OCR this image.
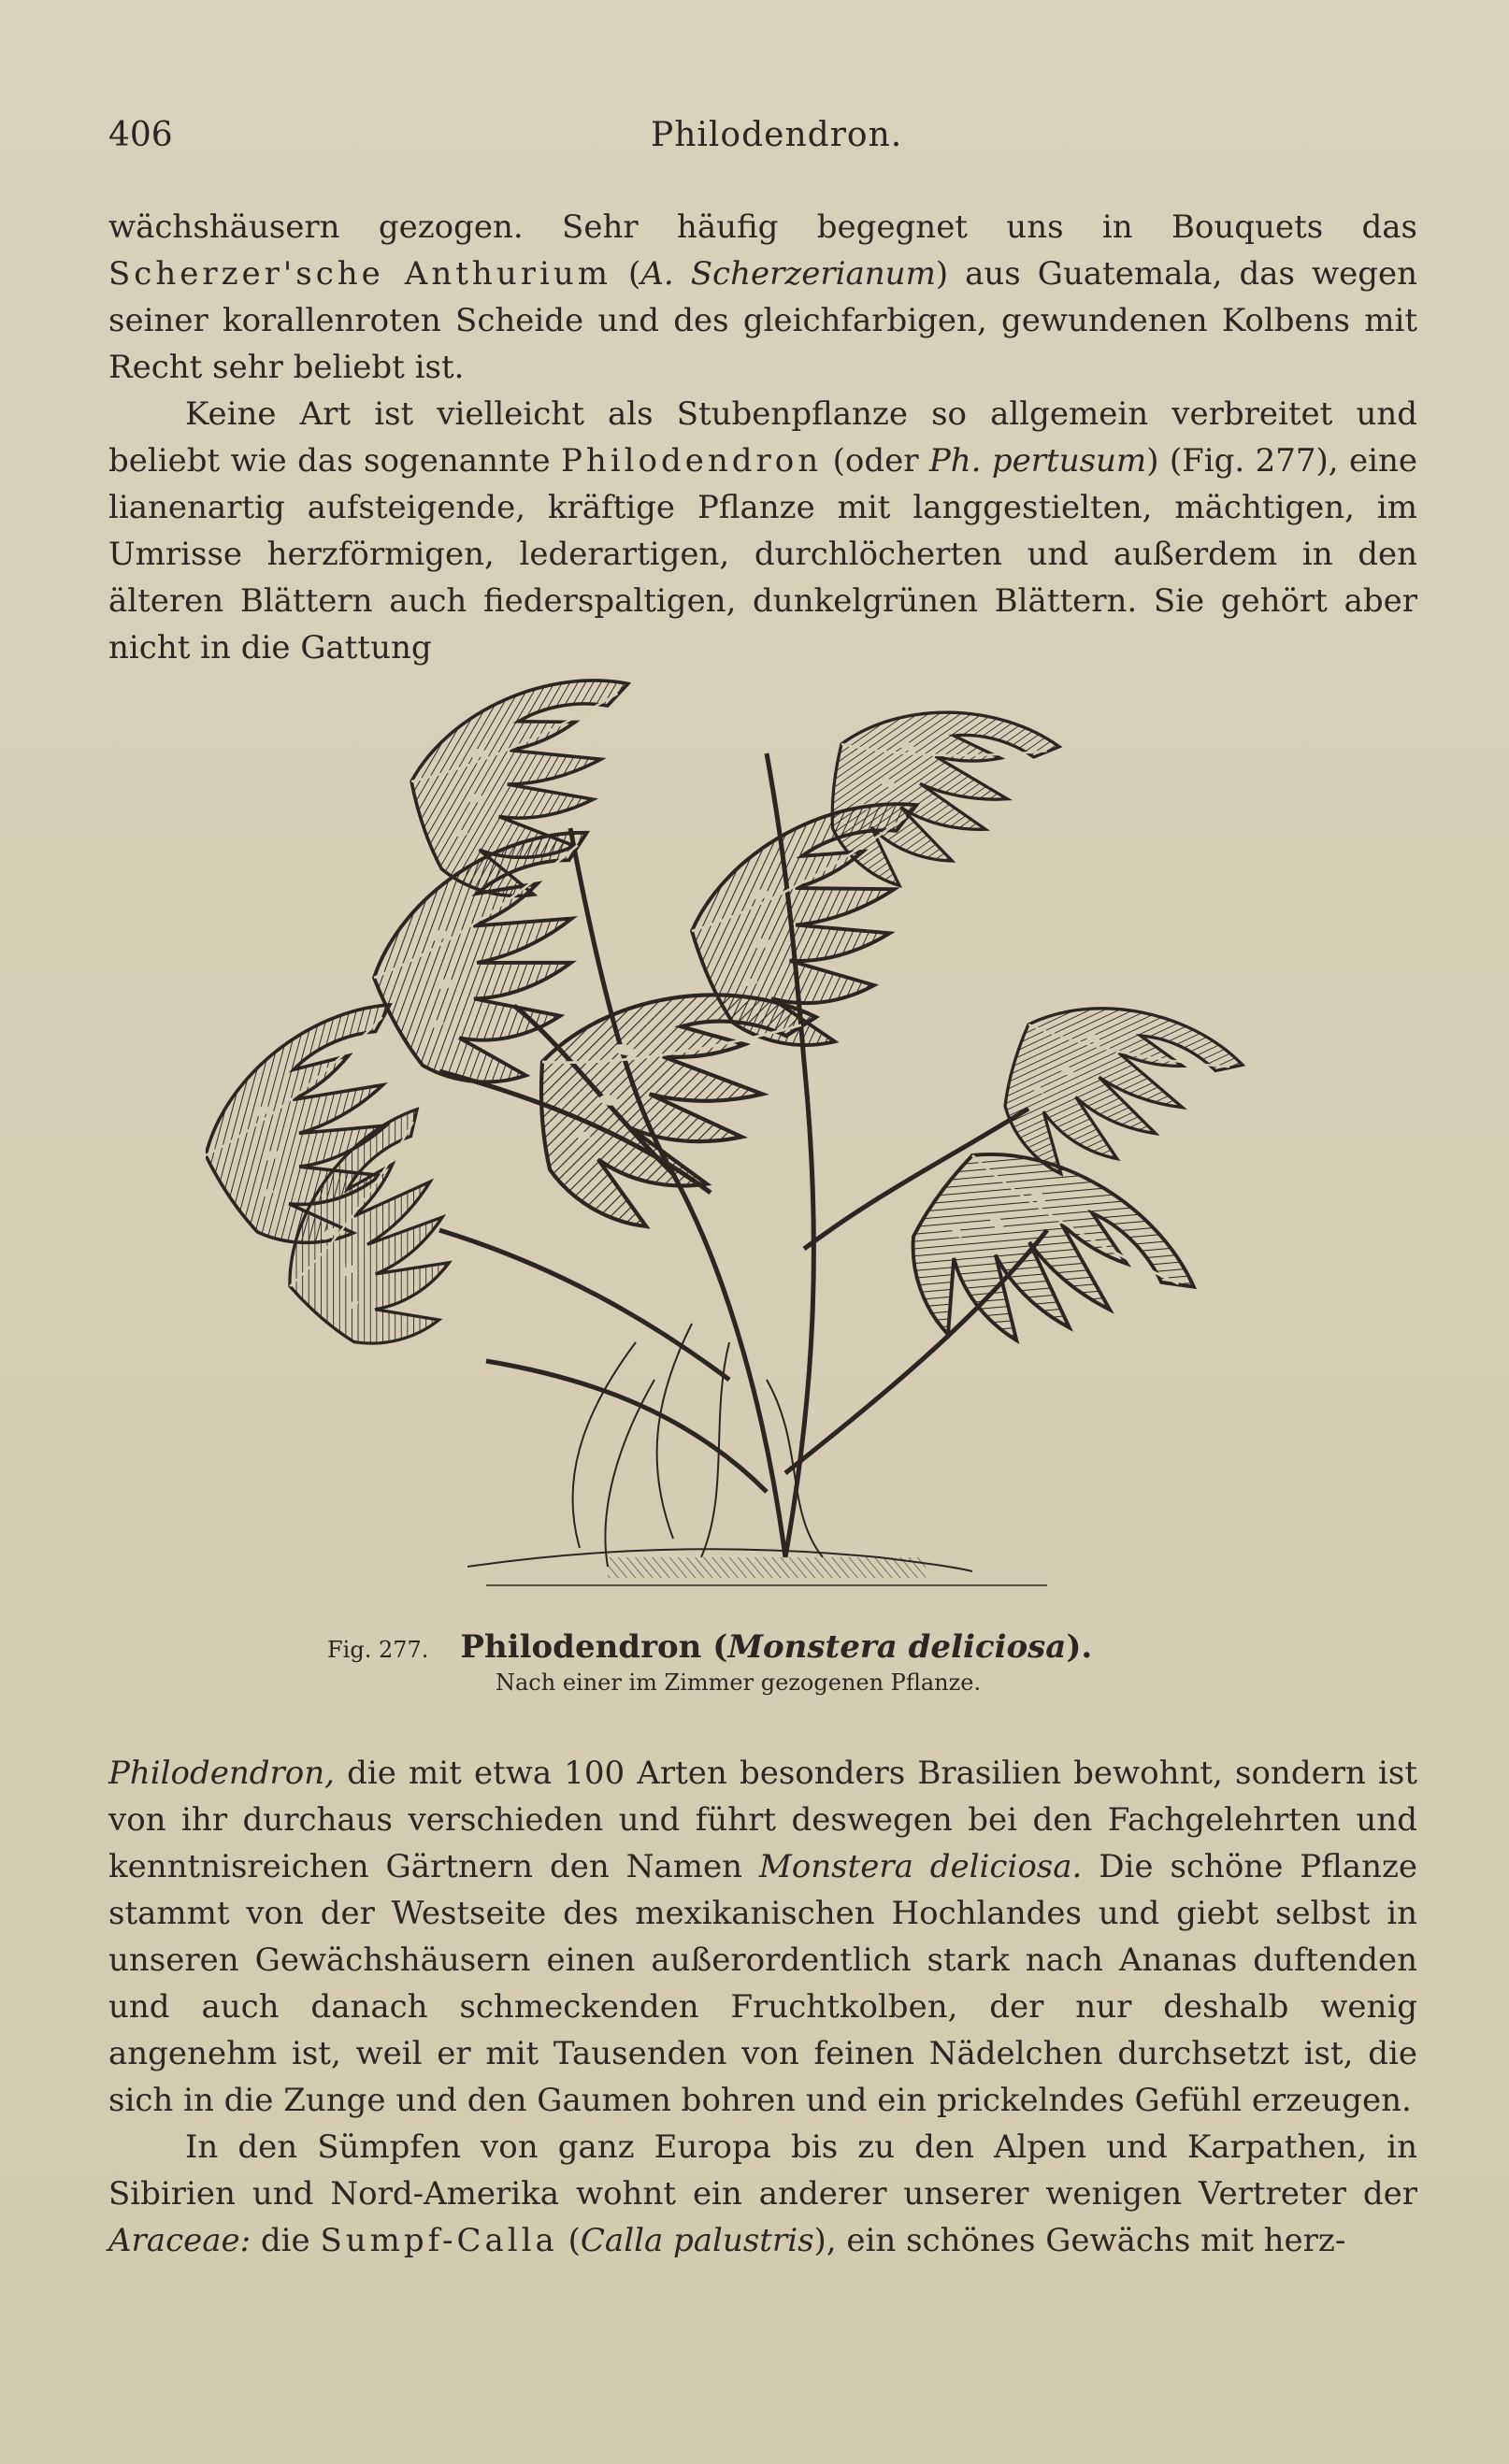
406	Philodendron.

wächshäusern gezogen. Sehr häufig begegnet uns in Bouquets das Scherzer'sche Anthurium (A. Scherzerianum) aus Guatemala, das wegen seiner korallenroten Scheide und des gleichfarbigen, gewundenen Kolbens mit Recht sehr beliebt ist.

Keine Art ist vielleicht als Stubenpflanze so allgemein verbreitet und beliebt wie das sogenannte Philodendron (oder Ph. pertusum) (Fig. 277), eine lianenartig aufsteigende, kräftige Pflanze mit langgestielten, mächtigen, im Umrisse herzförmigen, lederartigen, durchlöcherten und außerdem in den älteren Blättern auch fiederspaltigen, dunkelgrünen Blättern. Sie gehört aber nicht in die Gattung

Fig. 277. Philodendron (Monstera deliciosa).
Nach einer im Zimmer gezogenen Pflanze.

Philodendron, die mit etwa 100 Arten besonders Brasilien bewohnt, sondern ist von ihr durchaus verschieden und führt deswegen bei den Fachgelehrten und kenntnisreichen Gärtnern den Namen Monstera deliciosa. Die schöne Pflanze stammt von der Westseite des mexikanischen Hochlandes und giebt selbst in unseren Gewächshäusern einen außerordentlich stark nach Ananas duftenden und auch danach schmeckenden Fruchtkolben, der nur deshalb wenig angenehm ist, weil er mit Tausenden von feinen Nädelchen durchsetzt ist, die sich in die Zunge und den Gaumen bohren und ein prickelndes Gefühl erzeugen.

In den Sümpfen von ganz Europa bis zu den Alpen und Karpathen, in Sibirien und Nord-Amerika wohnt ein anderer unserer wenigen Vertreter der Araceae: die Sumpf-Calla (Calla palustris), ein schönes Gewächs mit herz-
